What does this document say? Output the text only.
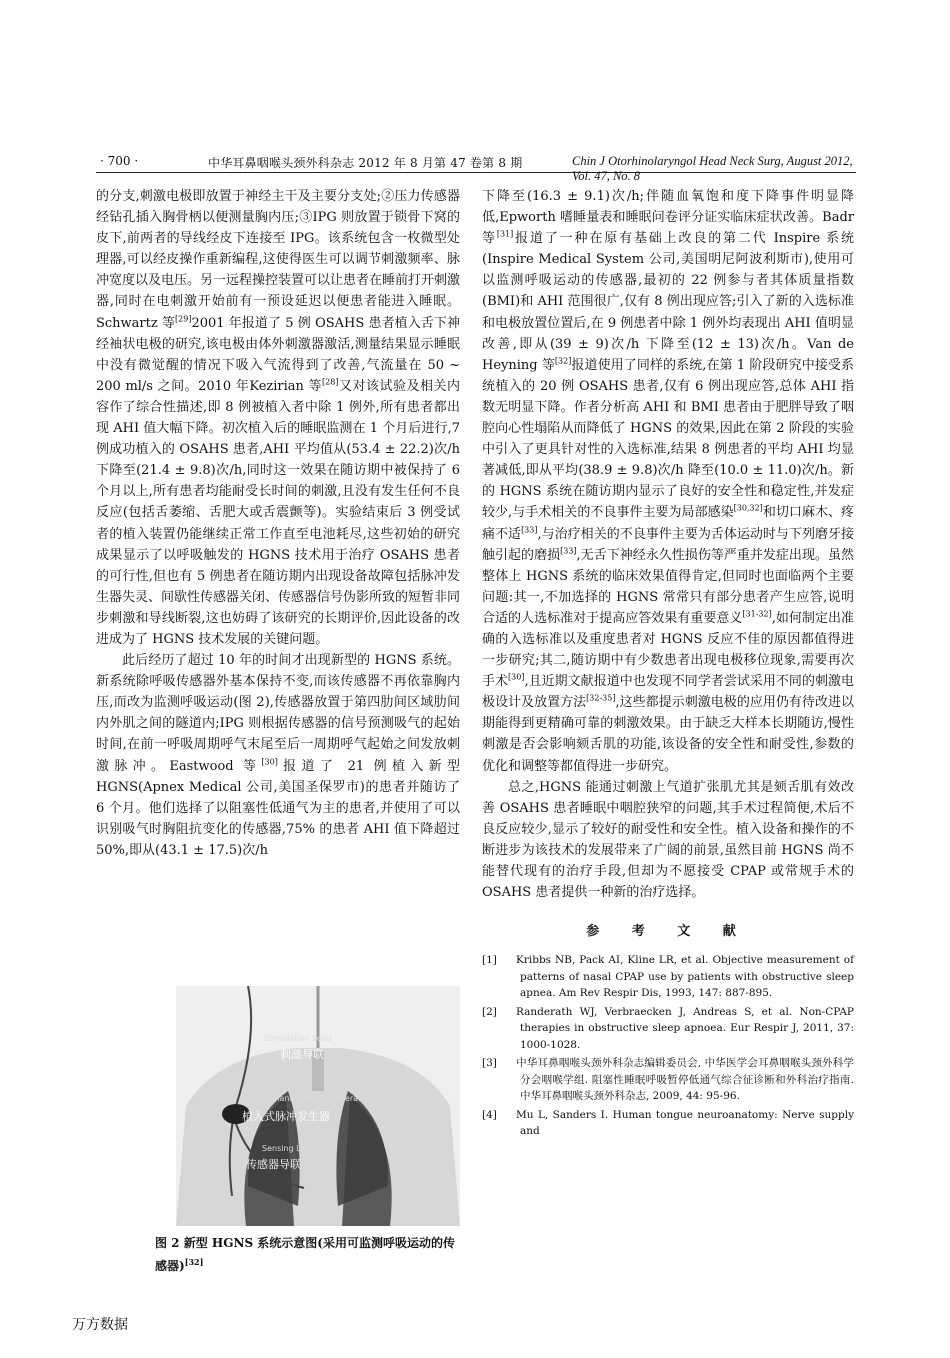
· 700 ·	中华耳鼻咽喉头颈外科杂志 2012 年 8 月第 47 卷第 8 期	Chin J Otorhinolaryngol Head Neck Surg, August 2012, Vol. 47, No. 8

的分支,刺激电极即放置于神经主干及主要分支处;②压力传感器经钻孔插入胸骨柄以便测量胸内压;③IPG 则放置于锁骨下窝的皮下,前两者的导线经皮下连接至 IPG。该系统包含一枚微型处理器,可以经皮操作重新编程,这使得医生可以调节刺激频率、脉冲宽度以及电压。另一远程操控装置可以让患者在睡前打开刺激器,同时在电刺激开始前有一预设延迟以便患者能进入睡眠。Schwartz 等[29]2001 年报道了 5 例 OSAHS 患者植入舌下神经袖状电极的研究,该电极由体外刺激器激活,测量结果显示睡眠中没有微觉醒的情况下吸入气流得到了改善,气流量在 50 ~ 200 ml/s 之间。2010 年Kezirian 等[28]又对该试验及相关内容作了综合性描述,即 8 例被植入者中除 1 例外,所有患者都出现 AHI 值大幅下降。初次植入后的睡眠监测在 1 个月后进行,7 例成功植入的 OSAHS 患者,AHI 平均值从(53.4 ± 22.2)次/h 下降至(21.4 ± 9.8)次/h,同时这一效果在随访期中被保持了 6 个月以上,所有患者均能耐受长时间的刺激,且没有发生任何不良反应(包括舌萎缩、舌肥大或舌震颤等)。实验结束后 3 例受试者的植入装置仍能继续正常工作直至电池耗尽,这些初始的研究成果显示了以呼吸触发的 HGNS 技术用于治疗 OSAHS 患者的可行性,但也有 5 例患者在随访期内出现设备故障包括脉冲发生器失灵、间歇性传感器关闭、传感器信号伪影所致的短暂非同步刺激和导线断裂,这也妨碍了该研究的长期评价,因此设备的改进成为了 HGNS 技术发展的关键问题。

此后经历了超过 10 年的时间才出现新型的 HGNS 系统。新系统除呼吸传感器外基本保持不变,而该传感器不再依靠胸内压,而改为监测呼吸运动(图 2),传感器放置于第四肋间区域肋间内外肌之间的隧道内;IPG 则根据传感器的信号预测吸气的起始时间,在前一呼吸周期呼气末尾至后一周期呼气起始之间发放刺激脉冲。Eastwood 等[30]报道了 21 例植入新型 HGNS(Apnex Medical 公司,美国圣保罗市)的患者并随访了 6 个月。他们选择了以阻塞性低通气为主的患者,并使用了可以识别吸气时胸阻抗变化的传感器,75% 的患者 AHI 值下降超过 50%,即从(43.1 ± 17.5)次/h

Stimulation Lead
刺激导联
Implanted Pulse Generator
植入式脉冲发生器
Sensing Lead
传感器导联
图 2 新型 HGNS 系统示意图(采用可监测呼吸运动的传感器)[32]

下降至(16.3 ± 9.1)次/h;伴随血氧饱和度下降事件明显降低,Epworth 嗜睡量表和睡眠问卷评分证实临床症状改善。Badr 等[31]报道了一种在原有基础上改良的第二代 Inspire 系统(Inspire Medical System 公司,美国明尼阿波利斯市),使用可以监测呼吸运动的传感器,最初的 22 例参与者其体质量指数(BMI)和 AHI 范围很广,仅有 8 例出现应答;引入了新的入选标准和电极放置位置后,在 9 例患者中除 1 例外均表现出 AHI 值明显改善,即从(39 ± 9)次/h 下降至(12 ± 13)次/h。Van de Heyning 等[32]报道使用了同样的系统,在第 1 阶段研究中接受系统植入的 20 例 OSAHS 患者,仅有 6 例出现应答,总体 AHI 指数无明显下降。作者分析高 AHI 和 BMI 患者由于肥胖导致了咽腔向心性塌陷从而降低了 HGNS 的效果,因此在第 2 阶段的实验中引入了更具针对性的入选标准,结果 8 例患者的平均 AHI 均显著减低,即从平均(38.9 ± 9.8)次/h 降至(10.0 ± 11.0)次/h。新的 HGNS 系统在随访期内显示了良好的安全性和稳定性,并发症较少,与手术相关的不良事件主要为局部感染[30,32]和切口麻木、疼痛不适[33],与治疗相关的不良事件主要为舌体运动时与下列磨牙接触引起的磨损[33],无舌下神经永久性损伤等严重并发症出现。虽然整体上 HGNS 系统的临床效果值得肯定,但同时也面临两个主要问题:其一,不加选择的 HGNS 常常只有部分患者产生应答,说明合适的人选标准对于提高应答效果有重要意义[31-32],如何制定出准确的入选标准以及重度患者对 HGNS 反应不佳的原因都值得进一步研究;其二,随访期中有少数患者出现电极移位现象,需要再次手术[30],且近期文献报道中也发现不同学者尝试采用不同的刺激电极设计及放置方法[32-35],这些都提示刺激电极的应用仍有待改进以期能得到更精确可靠的刺激效果。由于缺乏大样本长期随访,慢性刺激是否会影响颏舌肌的功能,该设备的安全性和耐受性,参数的优化和调整等都值得进一步研究。

总之,HGNS 能通过刺激上气道扩张肌尤其是颏舌肌有效改善 OSAHS 患者睡眠中咽腔狭窄的问题,其手术过程简便,术后不良反应较少,显示了较好的耐受性和安全性。植入设备和操作的不断进步为该技术的发展带来了广阔的前景,虽然目前 HGNS 尚不能替代现有的治疗手段,但却为不愿接受 CPAP 或常规手术的 OSAHS 患者提供一种新的治疗选择。

参 考 文 献
[1] Kribbs NB, Pack AI, Kline LR, et al. Objective measurement of patterns of nasal CPAP use by patients with obstructive sleep apnea. Am Rev Respir Dis, 1993, 147: 887-895.
[2] Randerath WJ, Verbraecken J, Andreas S, et al. Non-CPAP therapies in obstructive sleep apnoea. Eur Respir J, 2011, 37: 1000-1028.
[3] 中华耳鼻咽喉头颈外科杂志编辑委员会, 中华医学会耳鼻咽喉头颈外科学分会咽喉学组. 阻塞性睡眠呼吸暂停低通气综合征诊断和外科治疗指南. 中华耳鼻咽喉头颈外科杂志, 2009, 44: 95-96.
[4] Mu L, Sanders I. Human tongue neuroanatomy: Nerve supply and
万方数据
